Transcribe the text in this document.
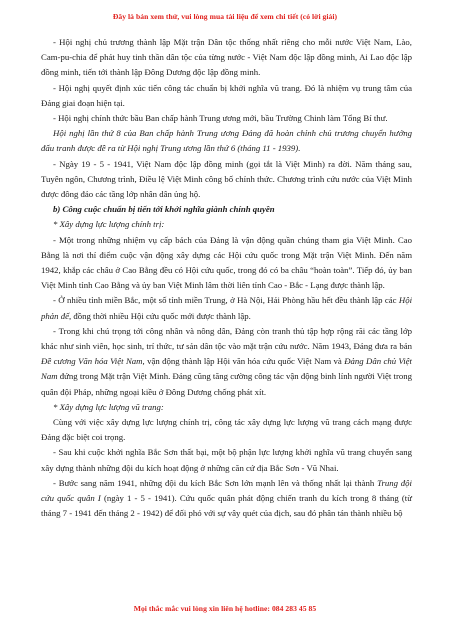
Đây là bản xem thử, vui lòng mua tài liệu để xem chi tiết (có lời giải)

- Hội nghị chủ trương thành lập Mặt trận Dân tộc thống nhất riêng cho mỗi nước Việt Nam, Lào, Cam-pu-chia để phát huy tinh thần dân tộc của từng nước - Việt Nam độc lập đồng minh, Ai Lao độc lập đồng minh, tiến tới thành lập Đông Dương độc lập đồng minh.

- Hội nghị quyết định xúc tiến công tác chuẩn bị khởi nghĩa vũ trang. Đó là nhiệm vụ trung tâm của Đảng giai đoạn hiện tại.

- Hội nghị chính thức bầu Ban chấp hành Trung ương mới, bầu Trường Chinh làm Tổng Bí thư.

Hội nghị lần thứ 8 của Ban chấp hành Trung ương Đảng đã hoàn chỉnh chủ trương chuyển hướng đấu tranh được đề ra từ Hội nghị Trung ương lần thứ 6 (tháng 11 - 1939).

- Ngày 19 - 5 - 1941, Việt Nam độc lập đồng minh (gọi tắt là Việt Minh) ra đời. Năm tháng sau, Tuyên ngôn, Chương trình, Điều lệ Việt Minh công bố chính thức. Chương trình cứu nước của Việt Minh được đông đảo các tầng lớp nhân dân ủng hộ.

b) Công cuộc chuẩn bị tiến tới khởi nghĩa giành chính quyền

* Xây dựng lực lượng chính trị:

- Một trong những nhiệm vụ cấp bách của Đảng là vận động quần chúng tham gia Việt Minh. Cao Bằng là nơi thí điểm cuộc vận động xây dựng các Hội cứu quốc trong Mặt trận Việt Minh. Đến năm 1942, khắp các châu ở Cao Bằng đều có Hội cứu quốc, trong đó có ba châu “hoàn toàn”. Tiếp đó, ủy ban Việt Minh tỉnh Cao Bằng và ủy ban Việt Minh lâm thời liên tỉnh Cao - Bắc - Lạng được thành lập.

- Ở nhiều tỉnh miền Bắc, một số tỉnh miền Trung, ở Hà Nội, Hải Phòng hầu hết đều thành lập các Hội phản đế, đồng thời nhiều Hội cứu quốc mới được thành lập.

- Trong khi chú trọng tới công nhân và nông dân, Đảng còn tranh thủ tập hợp rộng rãi các tầng lớp khác như sinh viên, học sinh, trí thức, tư sản dân tộc vào mặt trận cứu nước. Năm 1943, Đảng đưa ra bản Đề cương Văn hóa Việt Nam, vận động thành lập Hội văn hóa cứu quốc Việt Nam và Đảng Dân chủ Việt Nam đứng trong Mặt trận Việt Minh. Đảng cũng tăng cường công tác vận động binh lính người Việt trong quân đội Pháp, những ngoại kiều ở Đông Dương chống phát xít.

* Xây dựng lực lượng vũ trang:

Cùng với việc xây dựng lực lượng chính trị, công tác xây dựng lực lượng vũ trang cách mạng được Đảng đặc biệt coi trọng.

- Sau khi cuộc khởi nghĩa Bắc Sơn thất bại, một bộ phận lực lượng khởi nghĩa vũ trang chuyển sang xây dựng thành những đội du kích hoạt động ở những căn cứ địa Bắc Sơn - Vũ Nhai.

- Bước sang năm 1941, những đội du kích Bắc Sơn lớn mạnh lên và thống nhất lại thành Trung đội cứu quốc quân I (ngày 1 - 5 - 1941). Cứu quốc quân phát động chiến tranh du kích trong 8 tháng (từ tháng 7 - 1941 đến tháng 2 - 1942) để đối phó với sự vây quét của địch, sau đó phân tán thành nhiều bộ

Mọi thắc mắc vui lòng xin liên hệ hotline: 084 283 45 85
